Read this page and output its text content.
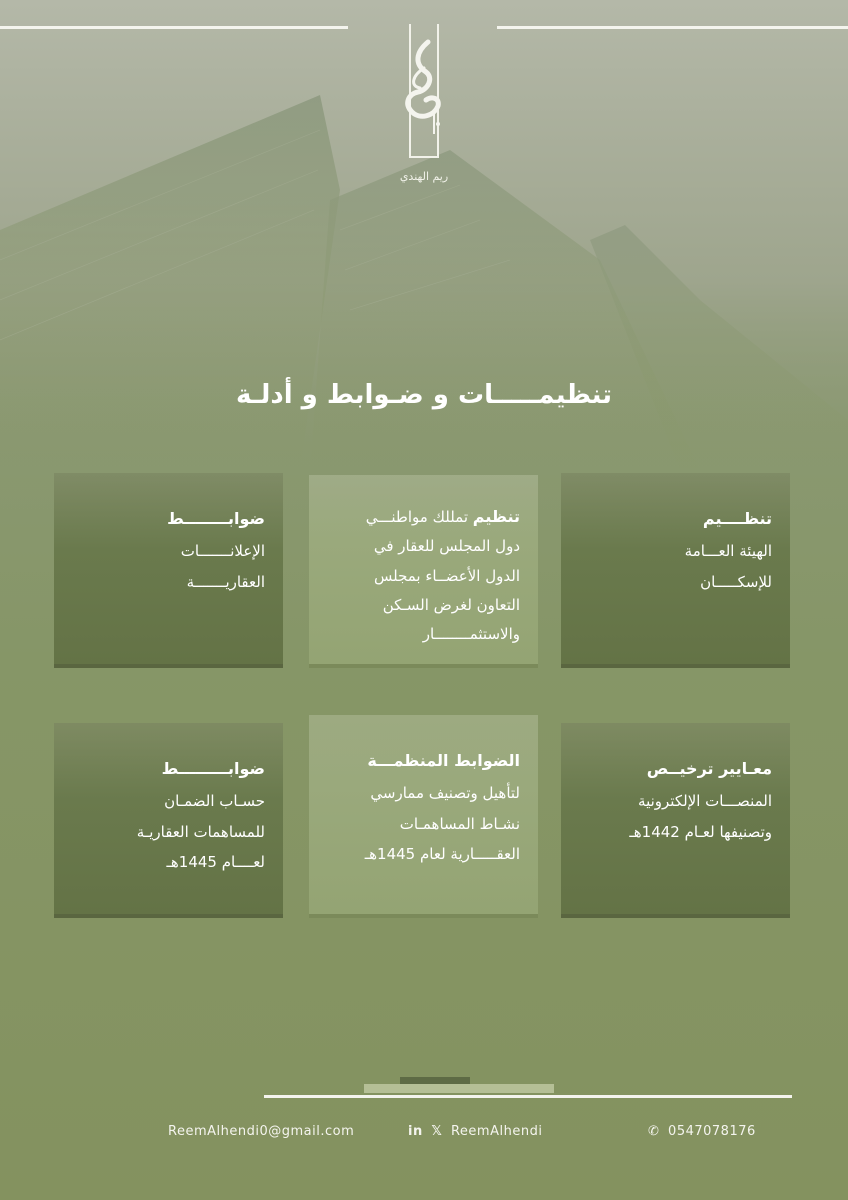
ريم الهندي
تنظيمـــــات و ضـوابط و أدلـة
تنظــــيم
الهيئة العـــامة
للإسكـــــان
تنظيم تمللك مواطنـــي
دول المجلس للعقار في
الدول الأعضــاء بمجلس
التعاون لغرض السـكن
والاستثمــــــــار
ضوابــــــــط
الإعلانـــــــات
العقاريـــــــة
معـايير ترخيــص
المنصـــات الإلكترونية
وتصنيفها لعـام 1442هـ
الضوابط المنظمـــة
لتأهيل وتصنيف ممارسي
نشـاط المساهمـات
العقـــــارية لعام 1445هـ
ضوابـــــــــط
حسـاب الضمـان
للمساهمات العقاريـة
لعــــام 1445هـ
ReemAlhendi0@gmail.com	in 𝕏 ReemAlhendi	✆ 0547078176
